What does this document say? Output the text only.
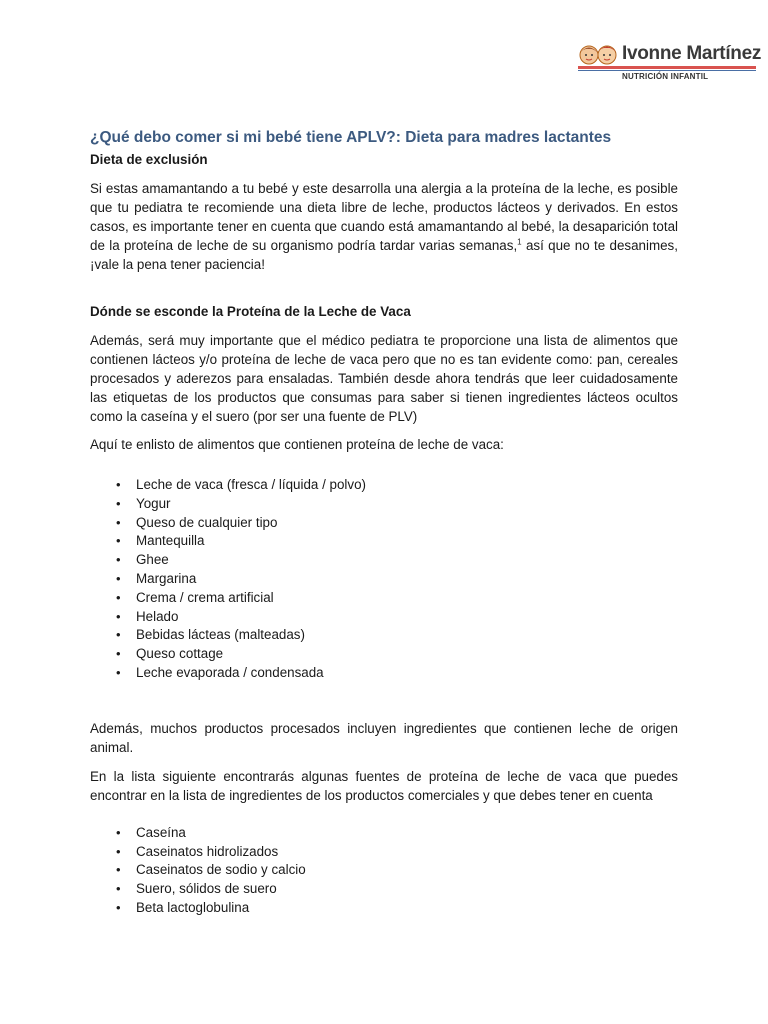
Ivonne Martínez
NUTRICIÓN INFANTIL
¿Qué debo comer si mi bebé tiene APLV?: Dieta para madres lactantes
Dieta de exclusión

Si estas amamantando a tu bebé y este desarrolla una alergia a la proteína de la leche, es posible que tu pediatra te recomiende una dieta libre de leche, productos lácteos y derivados. En estos casos, es importante tener en cuenta que cuando está amamantando al bebé, la desaparición total de la proteína de leche de su organismo podría tardar varias semanas,$^1$ así que no te desanimes, ¡vale la pena tener paciencia!

Dónde se esconde la Proteína de la Leche de Vaca

Además, será muy importante que el médico pediatra te proporcione una lista de alimentos que contienen lácteos y/o proteína de leche de vaca pero que no es tan evidente como: pan, cereales procesados y aderezos para ensaladas. También desde ahora tendrás que leer cuidadosamente las etiquetas de los productos que consumas para saber si tienen ingredientes lácteos ocultos como la caseína y el suero (por ser una fuente de PLV)

Aquí te enlisto de alimentos que contienen proteína de leche de vaca:

• Leche de vaca (fresca / líquida / polvo)
• Yogur
• Queso de cualquier tipo
• Mantequilla
• Ghee
• Margarina
• Crema / crema artificial
• Helado
• Bebidas lácteas (malteadas)
• Queso cottage
• Leche evaporada / condensada

Además, muchos productos procesados incluyen ingredientes que contienen leche de origen animal.

En la lista siguiente encontrarás algunas fuentes de proteína de leche de vaca que puedes encontrar en la lista de ingredientes de los productos comerciales y que debes tener en cuenta

• Caseína
• Caseinatos hidrolizados
• Caseinatos de sodio y calcio
• Suero, sólidos de suero
• Beta lactoglobulina
